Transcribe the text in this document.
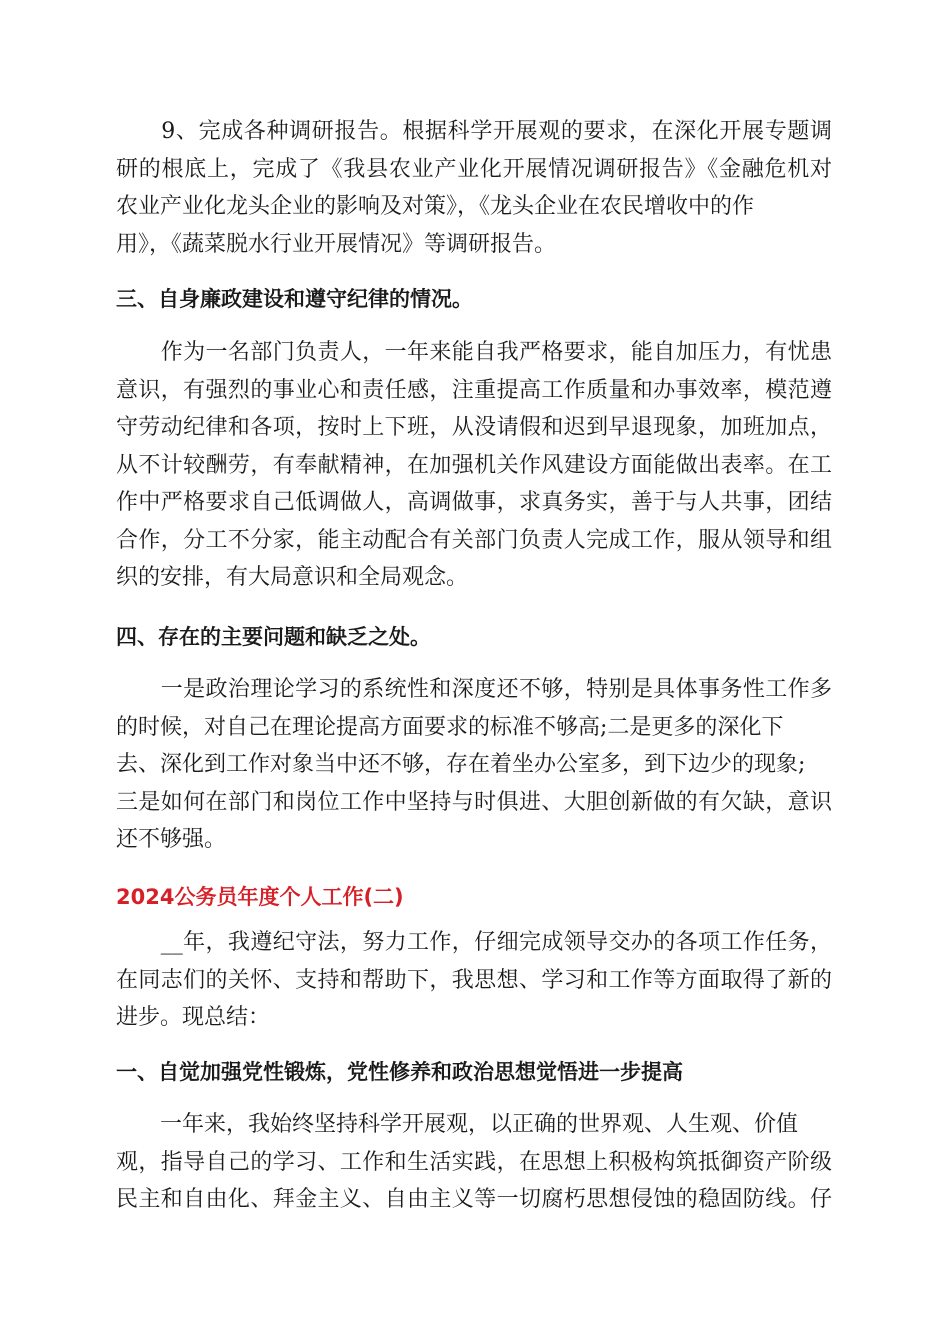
　　9、完成各种调研报告。根据科学开展观的要求，在深化开展专题调
研的根底上，完成了《我县农业产业化开展情况调研报告》《金融危机对
农业产业化龙头企业的影响及对策》，《龙头企业在农民增收中的作
用》，《蔬菜脱水行业开展情况》等调研报告。
三、自身廉政建设和遵守纪律的情况。
　　作为一名部门负责人，一年来能自我严格要求，能自加压力，有忧患
意识，有强烈的事业心和责任感，注重提高工作质量和办事效率，模范遵
守劳动纪律和各项，按时上下班，从没请假和迟到早退现象，加班加点，
从不计较酬劳，有奉献精神，在加强机关作风建设方面能做出表率。在工
作中严格要求自己低调做人，高调做事，求真务实，善于与人共事，团结
合作，分工不分家，能主动配合有关部门负责人完成工作，服从领导和组
织的安排，有大局意识和全局观念。
四、存在的主要问题和缺乏之处。
　　一是政治理论学习的系统性和深度还不够，特别是具体事务性工作多
的时候，对自己在理论提高方面要求的标准不够高;二是更多的深化下
去、深化到工作对象当中还不够，存在着坐办公室多，到下边少的现象;
三是如何在部门和岗位工作中坚持与时俱进、大胆创新做的有欠缺，意识
还不够强。
2024公务员年度个人工作(二)
　　__年，我遵纪守法，努力工作，仔细完成领导交办的各项工作任务，
在同志们的关怀、支持和帮助下，我思想、学习和工作等方面取得了新的
进步。现总结：
一、自觉加强党性锻炼，党性修养和政治思想觉悟进一步提高
　　一年来，我始终坚持科学开展观，以正确的世界观、人生观、价值
观，指导自己的学习、工作和生活实践，在思想上积极构筑抵御资产阶级
民主和自由化、拜金主义、自由主义等一切腐朽思想侵蚀的稳固防线。仔
